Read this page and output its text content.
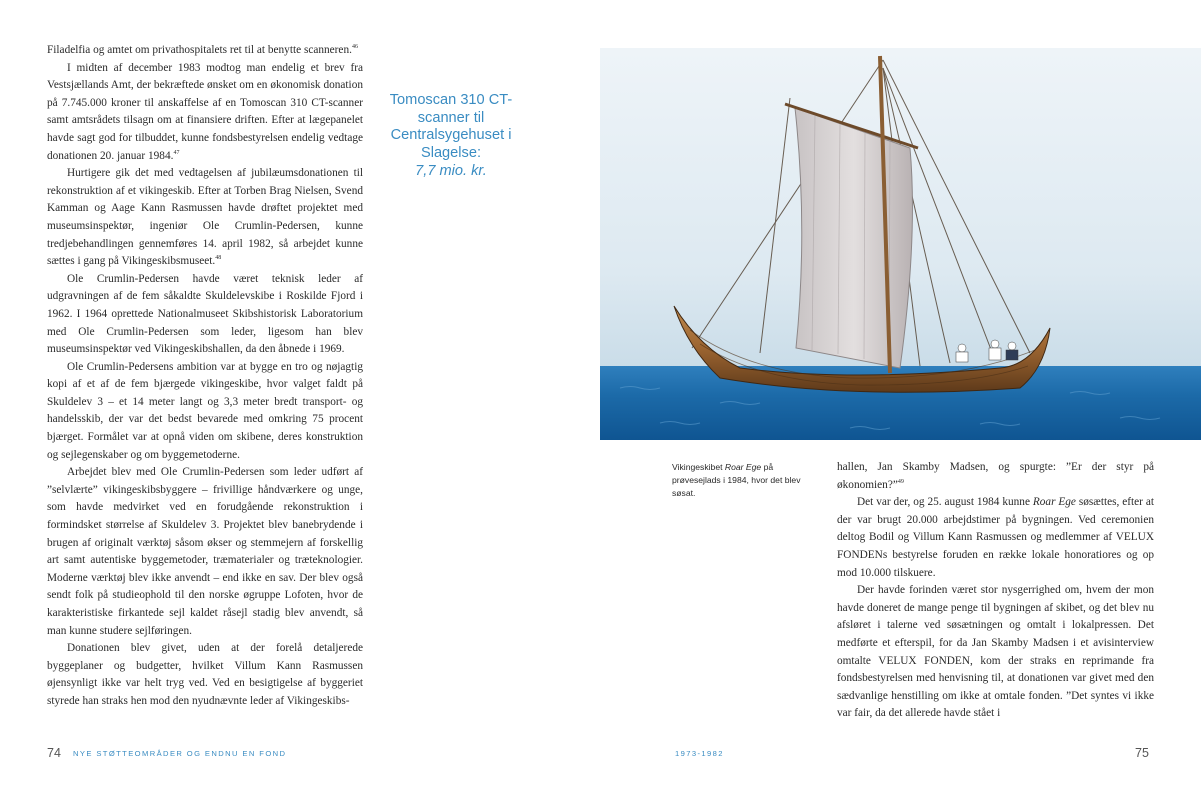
Filadelfia og amtet om privathospitalets ret til at benytte scanneren.$^{46}$

I midten af december 1983 modtog man endelig et brev fra Vestsjællands Amt, der bekræftede ønsket om en økonomisk donation på 7.745.000 kroner til anskaffelse af en Tomoscan 310 CT-scanner samt amtsrådets tilsagn om at finansiere driften. Efter at lægepanelet havde sagt god for tilbuddet, kunne fondsbestyrelsen endelig vedtage donationen 20. januar 1984.47

Hurtigere gik det med vedtagelsen af jubilæumsdonationen til rekonstruktion af et vikingeskib. Efter at Torben Brag Nielsen, Svend Kamman og Aage Kann Rasmussen havde drøftet projektet med museumsinspektør, ingeniør Ole Crumlin-Pedersen, kunne tredjebehandlingen gennemføres 14. april 1982, så arbejdet kunne sættes i gang på Vikingeskibsmuseet.$^{48}$

Ole Crumlin-Pedersen havde været teknisk leder af udgravningen af de fem såkaldte Skuldelevskibe i Roskilde Fjord i 1962. I 1964 oprettede Nationalmuseet Skibshistorisk Laboratorium med Ole Crumlin-Pedersen som leder, ligesom han blev museumsinspektør ved Vikingeskibshallen, da den åbnede i 1969.

Ole Crumlin-Pedersens ambition var at bygge en tro og nøjagtig kopi af et af de fem bjærgede vikingeskibe, hvor valget faldt på Skuldelev 3 – et 14 meter langt og 3,3 meter bredt transport- og handelsskib, der var det bedst bevarede med omkring 75 procent bjærget. Formålet var at opnå viden om skibene, deres konstruktion og sejlegenskaber og om byggemetoderne.

Arbejdet blev med Ole Crumlin-Pedersen som leder udført af ”selvlærte” vikingeskibsbyggere – frivillige håndværkere og unge, som havde medvirket ved en forudgående rekonstruktion i formindsket størrelse af Skuldelev 3. Projektet blev banebrydende i brugen af originalt værktøj såsom økser og stemmejern af forskellig art samt autentiske byggemetoder, træmaterialer og træteknologier. Moderne værktøj blev ikke anvendt – end ikke en sav. Der blev også sendt folk på studieophold til den norske øgruppe Lofoten, hvor de karakteristiske firkantede sejl kaldet råsejl stadig blev anvendt, så man kunne studere sejlføringen.

Donationen blev givet, uden at der forelå detaljerede byggeplaner og budgetter, hvilket Villum Kann Rasmussen øjensynligt ikke var helt tryg ved. Ved en besigtigelse af byggeriet styrede han straks hen mod den nyudnævnte leder af Vikingeskibs-

Tomoscan 310 CT-scanner til Centralsygehuset i Slagelse:
7,7 mio. kr.
74 NYE STØTTEOMRÅDER OG ENDNU EN FOND
Vikingeskibet Roar Ege på prøvesejlads i 1984, hvor det blev søsat.

hallen, Jan Skamby Madsen, og spurgte: ”Er der styr på økonomien?”$^{49}$

Det var der, og 25. august 1984 kunne Roar Ege søsættes, efter at der var brugt 20.000 arbejdstimer på bygningen. Ved ceremonien deltog Bodil og Villum Kann Rasmussen og medlemmer af VELUX FONDENs bestyrelse foruden en række lokale honoratiores og op mod 10.000 tilskuere.

Der havde forinden været stor nysgerrighed om, hvem der mon havde doneret de mange penge til bygningen af skibet, og det blev nu afsløret i talerne ved søsætningen og omtalt i lokalpressen. Det medførte et efterspil, for da Jan Skamby Madsen i et avisinterview omtalte VELUX FONDEN, kom der straks en reprimande fra fondsbestyrelsen med henvisning til, at donationen var givet med den sædvanlige henstilling om ikke at omtale fonden. ”Det syntes vi ikke var fair, da det allerede havde stået i

1973-1982	75
